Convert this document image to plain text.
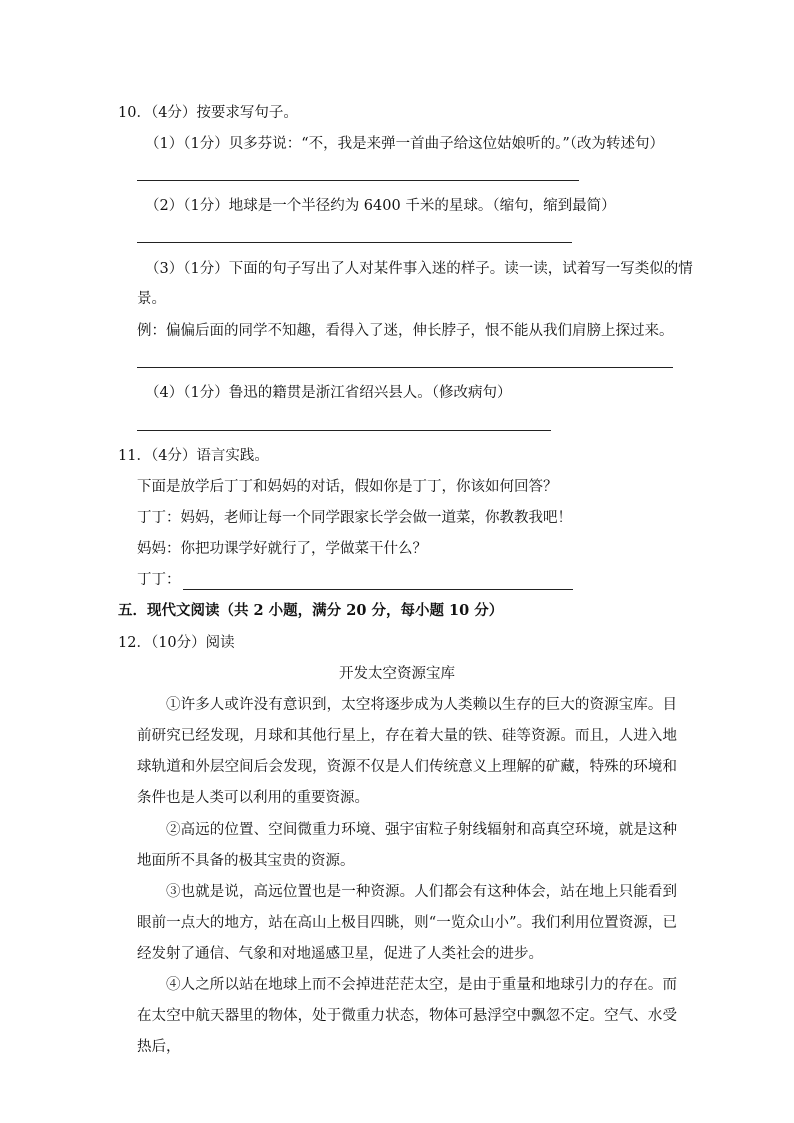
10．（4分）按要求写句子。
（1）（1分）贝多芬说：“不，我是来弹一首曲子给这位姑娘听的。”（改为转述句）
（2）（1分）地球是一个半径约为 6400 千米的星球。（缩句，缩到最简）
（3）（1分）下面的句子写出了人对某件事入迷的样子。读一读，试着写一写类似的情
景。
例：偏偏后面的同学不知趣，看得入了迷，伸长脖子，恨不能从我们肩膀上探过来。
（4）（1分）鲁迅的籍贯是浙江省绍兴县人。（修改病句）
11．（4分）语言实践。
下面是放学后丁丁和妈妈的对话，假如你是丁丁，你该如何回答？
丁丁：妈妈，老师让每一个同学跟家长学会做一道菜，你教教我吧！
妈妈：你把功课学好就行了，学做菜干什么？
丁丁：
五．现代文阅读（共 2 小题，满分 20 分，每小题 10 分）
12．（10分）阅读
开发太空资源宝库
①许多人或许没有意识到，太空将逐步成为人类赖以生存的巨大的资源宝库。目前研究已经发现，月球和其他行星上，存在着大量的铁、硅等资源。而且，人进入地球轨道和外层空间后会发现，资源不仅是人们传统意义上理解的矿藏，特殊的环境和条件也是人类可以利用的重要资源。
②高远的位置、空间微重力环境、强宇宙粒子射线辐射和高真空环境，就是这种地面所不具备的极其宝贵的资源。
③也就是说，高远位置也是一种资源。人们都会有这种体会，站在地上只能看到眼前一点大的地方，站在高山上极目四眺，则“一览众山小”。我们利用位置资源，已经发射了通信、气象和对地遥感卫星，促进了人类社会的进步。
④人之所以站在地球上而不会掉进茫茫太空，是由于重量和地球引力的存在。而在太空中航天器里的物体，处于微重力状态，物体可悬浮空中飘忽不定。空气、水受热后，
